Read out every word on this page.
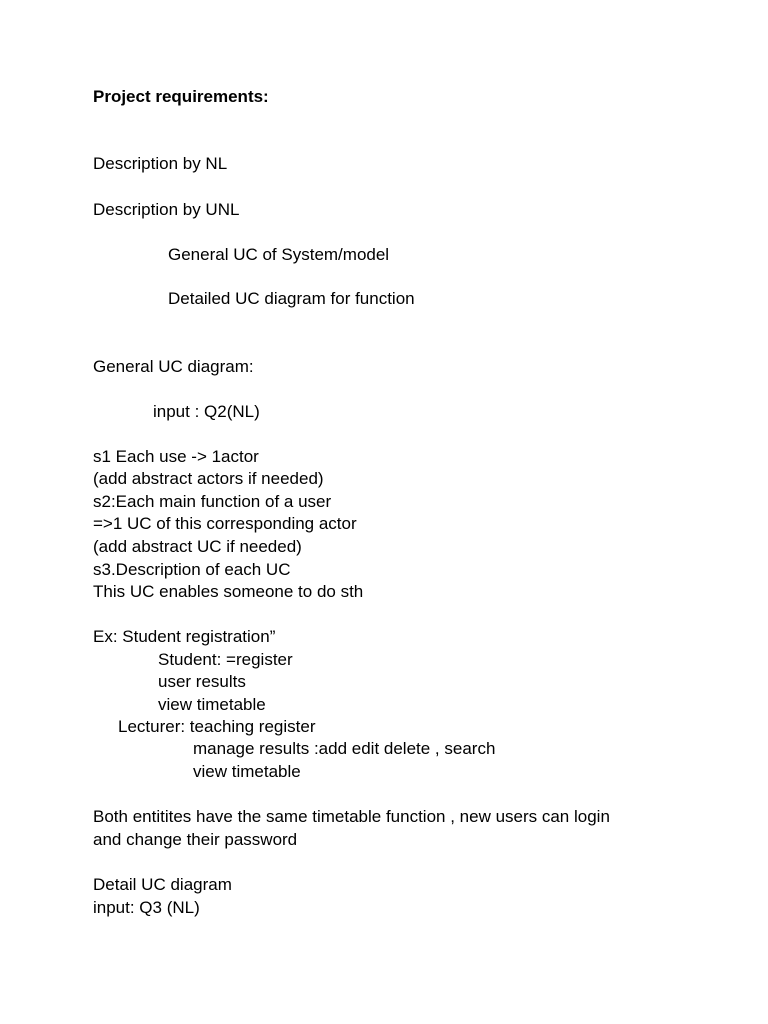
Project requirements:

Description by NL

Description by UNL

General UC of System/model

Detailed UC diagram for function

General UC diagram:

input : Q2(NL)

s1 Each use -> 1actor

(add abstract actors if needed)

s2:Each main function of a user

=>1 UC of this corresponding actor

(add abstract UC if needed)

s3.Description of each UC

This UC enables someone to do sth

Ex: Student registration”

Student: =register

user results

view timetable

Lecturer: teaching register

manage results :add edit delete , search

view timetable

Both entitites have the same timetable function , new users can login

and change their password

Detail UC diagram

input: Q3 (NL)
